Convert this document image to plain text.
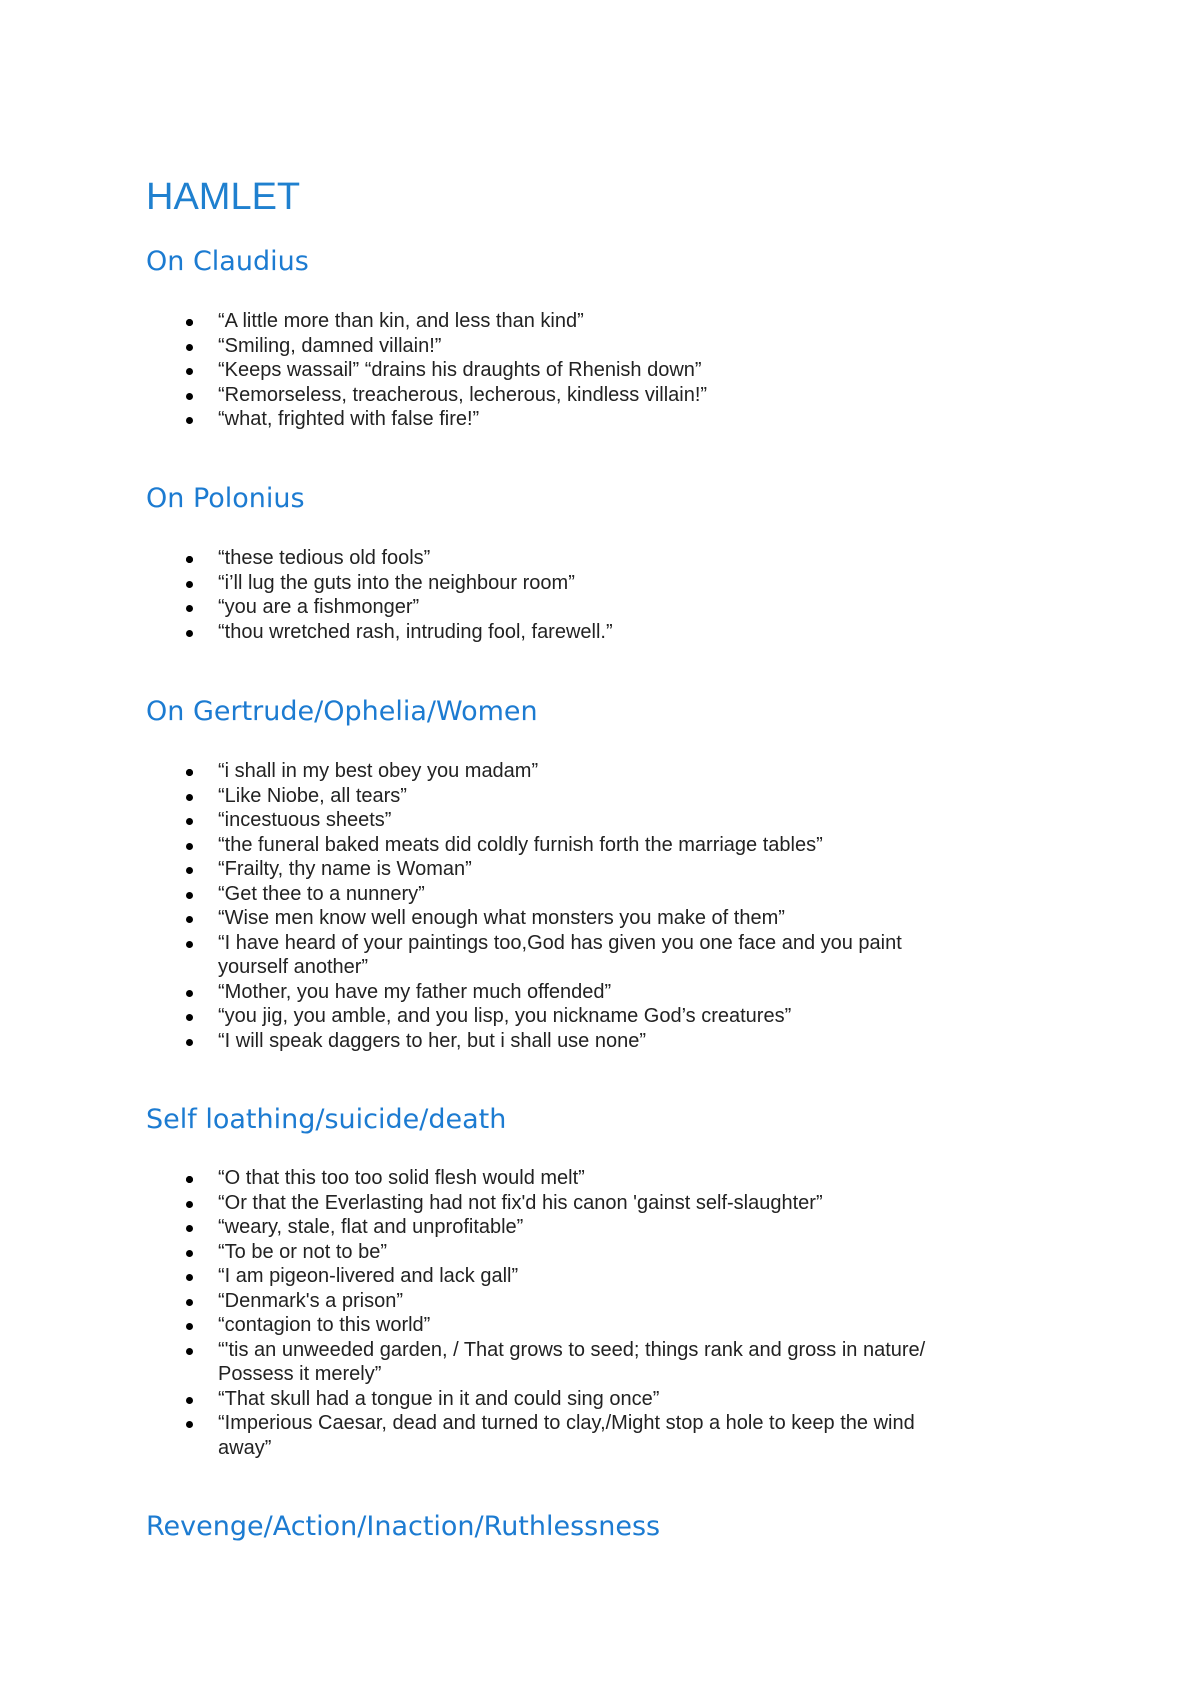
HAMLET
On Claudius
“A little more than kin, and less than kind”
“Smiling, damned villain!”
“Keeps wassail” “drains his draughts of Rhenish down”
“Remorseless, treacherous, lecherous, kindless villain!”
“what, frighted with false fire!”
On Polonius
“these tedious old fools”
“i’ll lug the guts into the neighbour room”
“you are a fishmonger”
“thou wretched rash, intruding fool, farewell.”
On Gertrude/Ophelia/Women
“i shall in my best obey you madam”
“Like Niobe, all tears”
“incestuous sheets”
“the funeral baked meats did coldly furnish forth the marriage tables”
“Frailty, thy name is Woman”
“Get thee to a nunnery”
“Wise men know well enough what monsters you make of them”
“I have heard of your paintings too,God has given you one face and you paint yourself another”
“Mother, you have my father much offended”
“you jig, you amble, and you lisp, you nickname God’s creatures”
“I will speak daggers to her, but i shall use none”
Self loathing/suicide/death
“O that this too too solid flesh would melt”
“Or that the Everlasting had not fix'd his canon 'gainst self-slaughter”
“weary, stale, flat and unprofitable”
“To be or not to be”
“I am pigeon-livered and lack gall”
“Denmark's a prison”
“contagion to this world”
“'tis an unweeded garden, / That grows to seed; things rank and gross in nature/ Possess it merely”
“That skull had a tongue in it and could sing once”
“Imperious Caesar, dead and turned to clay,/Might stop a hole to keep the wind away”
Revenge/Action/Inaction/Ruthlessness
